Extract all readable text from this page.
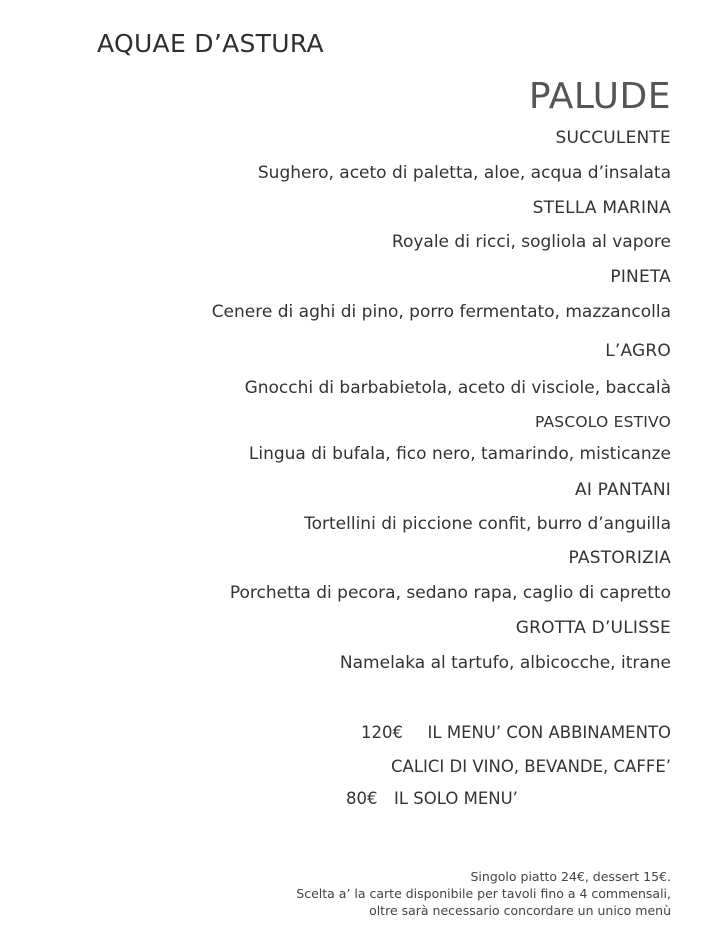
AQUAE D’ASTURA
PALUDE
SUCCULENTE
Sughero, aceto di paletta, aloe, acqua d’insalata
STELLA MARINA
Royale di ricci, sogliola al vapore
PINETA
Cenere di aghi di pino, porro fermentato, mazzancolla
L’AGRO
Gnocchi di barbabietola, aceto di visciole, baccalà
PASCOLO ESTIVO
Lingua di bufala, fico nero, tamarindo, misticanze
AI PANTANI
Tortellini di piccione confit, burro d’anguilla
PASTORIZIA
Porchetta di pecora, sedano rapa, caglio di capretto
GROTTA D’ULISSE
Namelaka al tartufo, albicocche, itrane
120€ IL MENU’ CON ABBINAMENTO
CALICI DI VINO, BEVANDE, CAFFE’
80€ IL SOLO MENU’
Singolo piatto 24€, dessert 15€.
Scelta a’ la carte disponibile per tavoli fino a 4 commensali,
oltre sarà necessario concordare un unico menù
